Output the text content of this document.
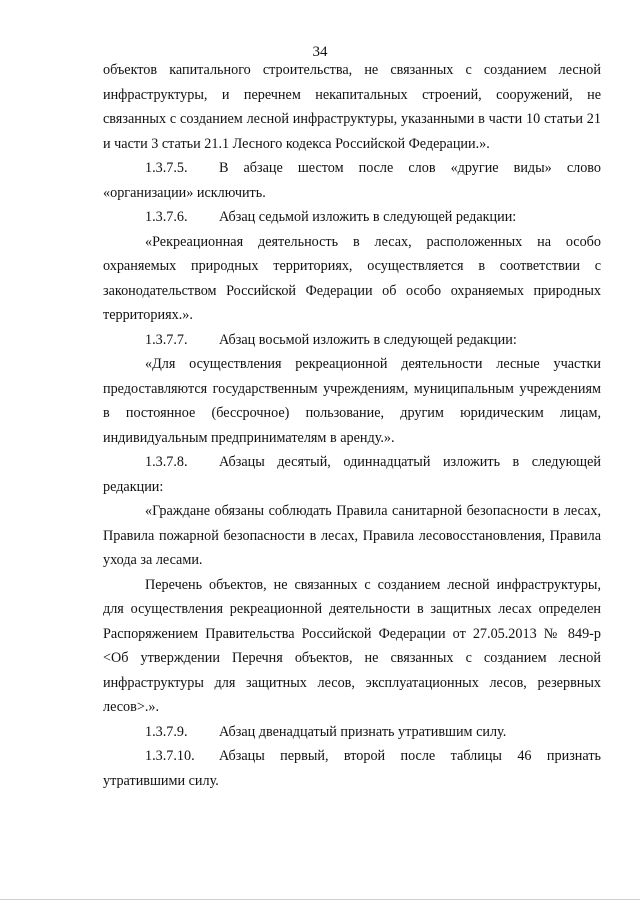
34

объектов капитального строительства, не связанных с созданием лесной инфраструктуры, и перечнем некапитальных строений, сооружений, не связанных с созданием лесной инфраструктуры, указанными в части 10 статьи 21 и части 3 статьи 21.1 Лесного кодекса Российской Федерации.».

1.3.7.5. В абзаце шестом после слов «другие виды» слово «организации» исключить.

1.3.7.6. Абзац седьмой изложить в следующей редакции:

«Рекреационная деятельность в лесах, расположенных на особо охраняемых природных территориях, осуществляется в соответствии с законодательством Российской Федерации об особо охраняемых природных территориях.».

1.3.7.7. Абзац восьмой изложить в следующей редакции:

«Для осуществления рекреационной деятельности лесные участки предоставляются государственным учреждениям, муниципальным учреждениям в постоянное (бессрочное) пользование, другим юридическим лицам, индивидуальным предпринимателям в аренду.».

1.3.7.8. Абзацы десятый, одиннадцатый изложить в следующей редакции:

«Граждане обязаны соблюдать Правила санитарной безопасности в лесах, Правила пожарной безопасности в лесах, Правила лесовосстановления, Правила ухода за лесами.

Перечень объектов, не связанных с созданием лесной инфраструктуры, для осуществления рекреационной деятельности в защитных лесах определен Распоряжением Правительства Российской Федерации от 27.05.2013 № 849-р <Об утверждении Перечня объектов, не связанных с созданием лесной инфраструктуры для защитных лесов, эксплуатационных лесов, резервных лесов>.».

1.3.7.9. Абзац двенадцатый признать утратившим силу.

1.3.7.10. Абзацы первый, второй после таблицы 46 признать утратившими силу.
